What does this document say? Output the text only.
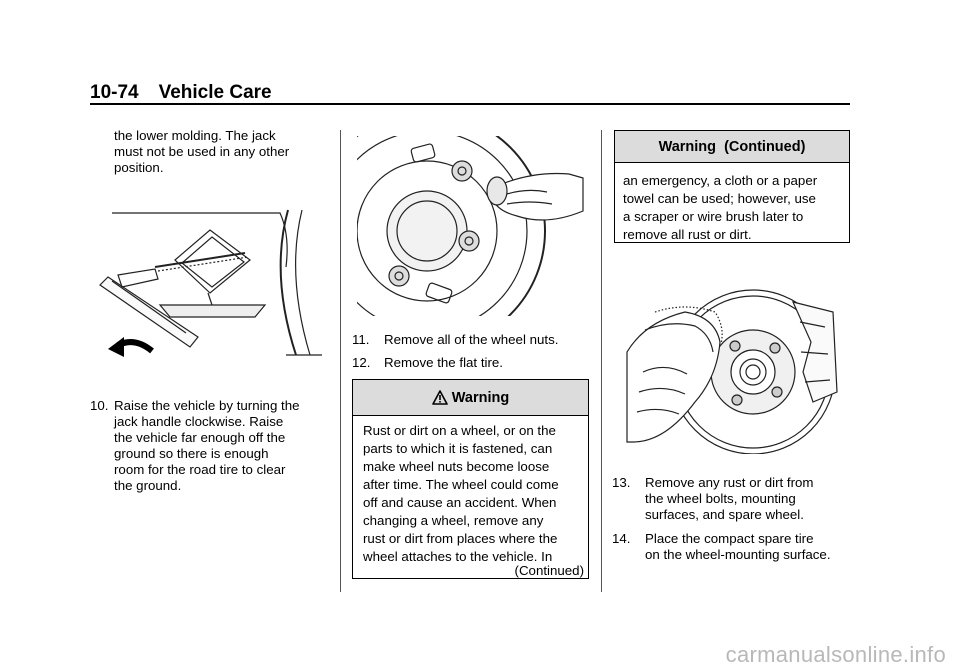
10-74 Vehicle Care
the lower molding. The jack
must not be used in any other
position.
10. Raise the vehicle by turning the
jack handle clockwise. Raise
the vehicle far enough off the
ground so there is enough
room for the road tire to clear
the ground.
11. Remove all of the wheel nuts.
12. Remove the flat tire.
Warning
Rust or dirt on a wheel, or on the
parts to which it is fastened, can
make wheel nuts become loose
after time. The wheel could come
off and cause an accident. When
changing a wheel, remove any
rust or dirt from places where the
wheel attaches to the vehicle. In
(Continued)
Warning  (Continued)
an emergency, a cloth or a paper
towel can be used; however, use
a scraper or wire brush later to
remove all rust or dirt.
13. Remove any rust or dirt from
the wheel bolts, mounting
surfaces, and spare wheel.
14. Place the compact spare tire
on the wheel-mounting surface.
carmanualsonline.info
